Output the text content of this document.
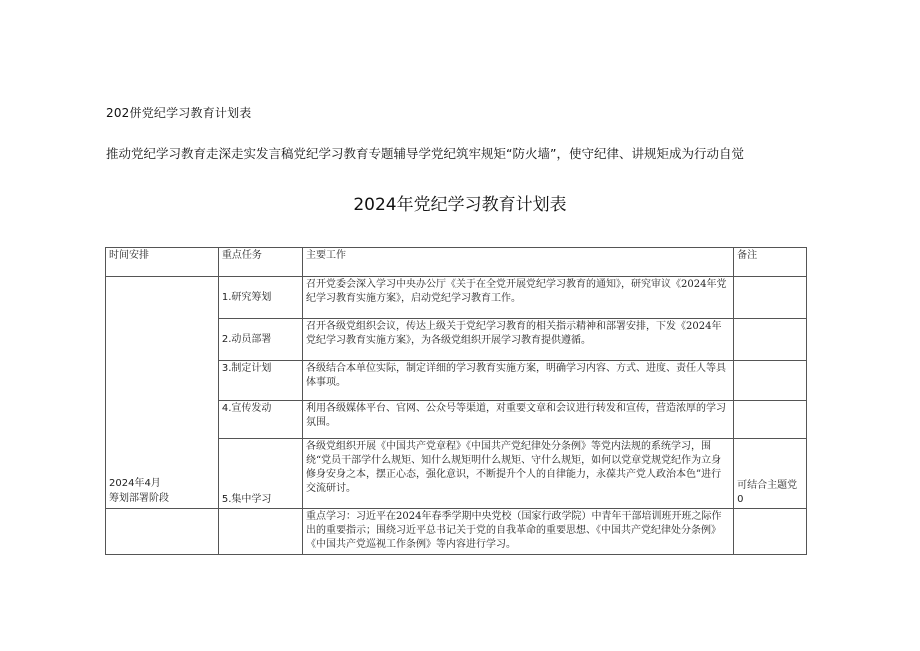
202併党纪学习教育计划表
推动党纪学习教育走深走实发言稿党纪学习教育专题辅导学党纪筑牢规矩“防火墙”，使守纪律、讲规矩成为行动自觉
2024年党纪学习教育计划表
时间安排	重点任务	主要工作	备注

2024年4月
筹划部署阶段	1.研究筹划	召开党委会深入学习中央办公厅《关于在全党开展党纪学习教育的通知》，研究审议《2024年党纪学习教育实施方案》，启动党纪学习教育工作。	
	2.动员部署	召开各级党组织会议，传达上级关于党纪学习教育的相关指示精神和部署安排，下发《2024年党纪学习教育实施方案》，为各级党组织开展学习教育提供遵循。	
	3.制定计划	各级结合本单位实际，制定详细的学习教育实施方案，明确学习内容、方式、进度、责任人等具体事项。	
	4.宣传发动	利用各级媒体平台、官网、公众号等渠道，对重要文章和会议进行转发和宣传，营造浓厚的学习氛围。	
	5.集中学习	各级党组织开展《中国共产党章程》《中国共产党纪律处分条例》等党内法规的系统学习，围绕“党员干部学什么规矩、知什么规矩明什么规矩、守什么规矩，如何以党章党规党纪作为立身修身安身之本，摆正心态，强化意识，不断提升个人的自律能力，永葆共产党人政治本色”进行交流研讨。	可结合主题党0
		重点学习：习近平在2024年春季学期中央党校（国家行政学院）中青年干部培训班开班之际作出的重要指示；围绕习近平总书记关于党的自我革命的重要思想、《中国共产党纪律处分条例》《中国共产党巡视工作条例》等内容进行学习。	
